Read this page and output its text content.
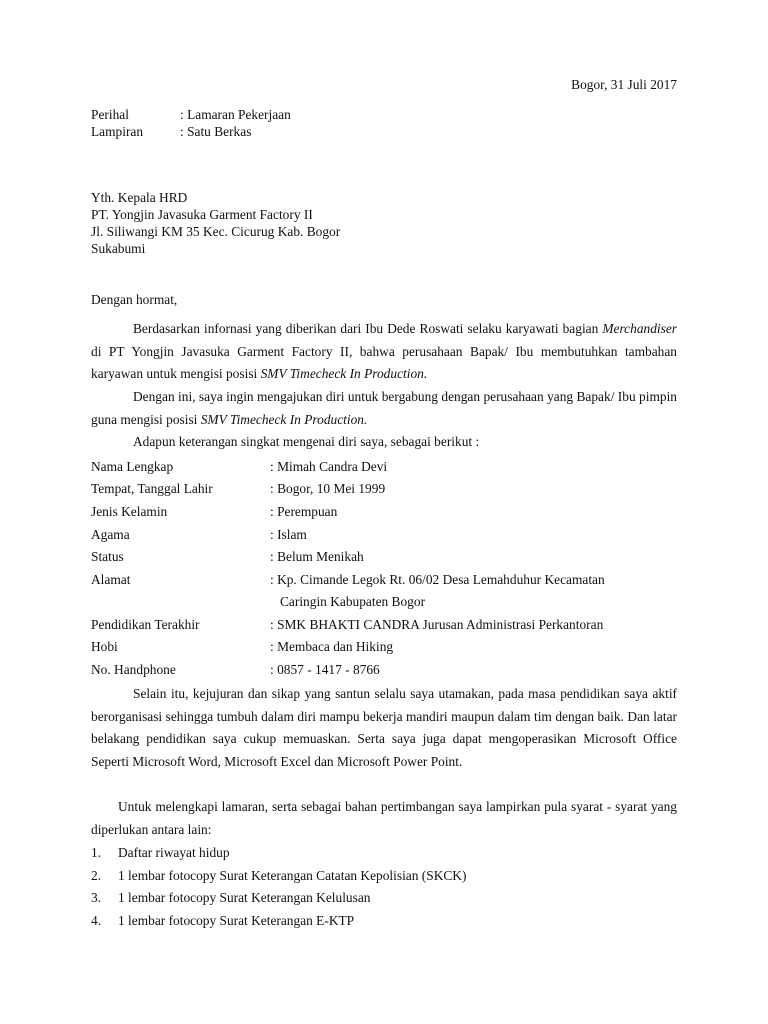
Bogor, 31 Juli 2017
Perihal	: Lamaran Pekerjaan
Lampiran	: Satu Berkas
Yth. Kepala HRD
PT. Yongjin Javasuka Garment Factory II
Jl. Siliwangi KM 35 Kec. Cicurug Kab. Bogor
Sukabumi
Dengan hormat,
Berdasarkan infornasi yang diberikan dari Ibu Dede Roswati selaku karyawati bagian Merchandiser di PT Yongjin Javasuka Garment Factory II, bahwa perusahaan Bapak/ Ibu membutuhkan tambahan karyawan untuk mengisi posisi SMV Timecheck In Production.
Dengan ini, saya ingin mengajukan diri untuk bergabung dengan perusahaan yang Bapak/ Ibu pimpin guna mengisi posisi SMV Timecheck In Production.
Adapun keterangan singkat mengenai diri saya, sebagai berikut :
Nama Lengkap	: Mimah Candra Devi
Tempat, Tanggal Lahir	: Bogor, 10 Mei 1999
Jenis Kelamin	: Perempuan
Agama	: Islam
Status	: Belum Menikah
Alamat	: Kp. Cimande Legok Rt. 06/02 Desa Lemahduhur Kecamatan
Caringin Kabupaten Bogor
Pendidikan Terakhir	: SMK BHAKTI CANDRA Jurusan Administrasi Perkantoran
Hobi	: Membaca dan Hiking
No. Handphone	: 0857 - 1417 - 8766
Selain itu, kejujuran dan sikap yang santun selalu saya utamakan, pada masa pendidikan saya aktif berorganisasi sehingga tumbuh dalam diri mampu bekerja mandiri maupun dalam tim dengan baik. Dan latar belakang pendidikan saya cukup memuaskan. Serta saya juga dapat mengoperasikan Microsoft Office Seperti Microsoft Word, Microsoft Excel dan Microsoft Power Point.
Untuk melengkapi lamaran, serta sebagai bahan pertimbangan saya lampirkan pula syarat - syarat yang diperlukan antara lain:
1. Daftar riwayat hidup
2. 1 lembar fotocopy Surat Keterangan Catatan Kepolisian (SKCK)
3. 1 lembar fotocopy Surat Keterangan Kelulusan
4. 1 lembar fotocopy Surat Keterangan E-KTP
